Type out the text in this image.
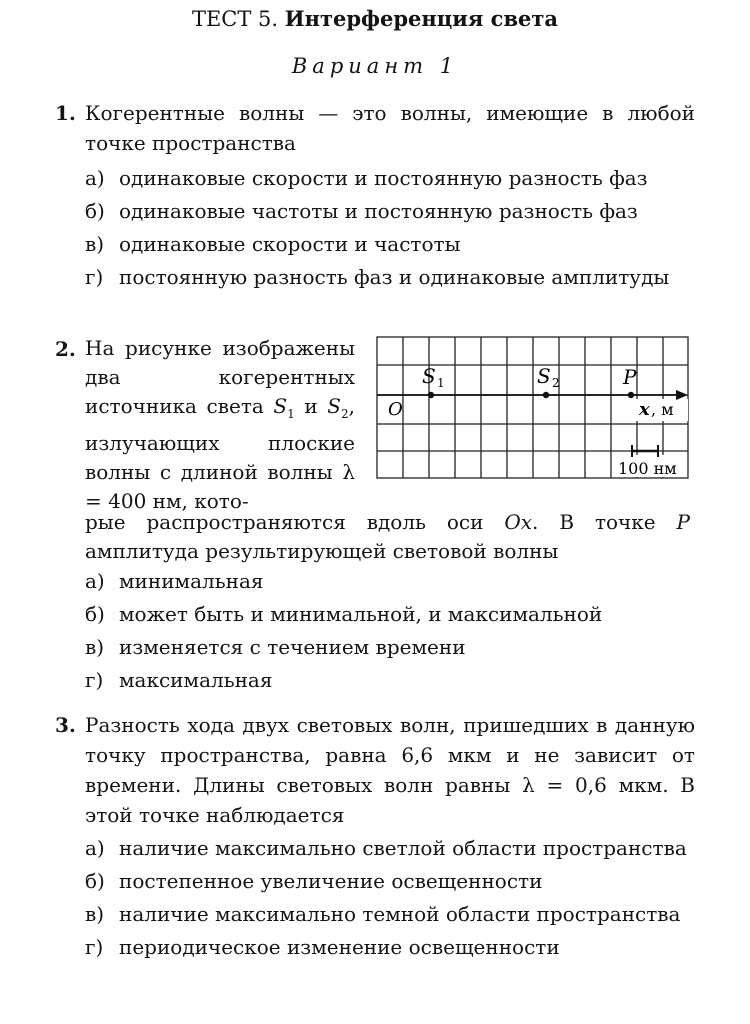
ТЕСТ 5. Интерференция света
Вариант 1
1. Когерентные волны — это волны, имеющие в любой точке пространства
а) одинаковые скорости и постоянную разность фаз
б) одинаковые частоты и постоянную разность фаз
в) одинаковые скорости и частоты
г) постоянную разность фаз и одинаковые амплитуды
2. На рисунке изображены два когерентных источника света $S_1$ и $S_2$, излучающих плоские волны с длиной волны λ = 400 нм, кото-
рые распространяются вдоль оси Ox. В точке P амплитуда результирующей световой волны
O
S 1	S 2	P
x , м
100 нм
а) минимальная
б) может быть и минимальной, и максимальной
в) изменяется с течением времени
г) максимальная
3. Разность хода двух световых волн, пришедших в данную точку пространства, равна 6,6 мкм и не зависит от времени. Длины световых волн равны λ = 0,6 мкм. В этой точке наблюдается
а) наличие максимально светлой области пространства
б) постепенное увеличение освещенности
в) наличие максимально темной области пространства
г) периодическое изменение освещенности
